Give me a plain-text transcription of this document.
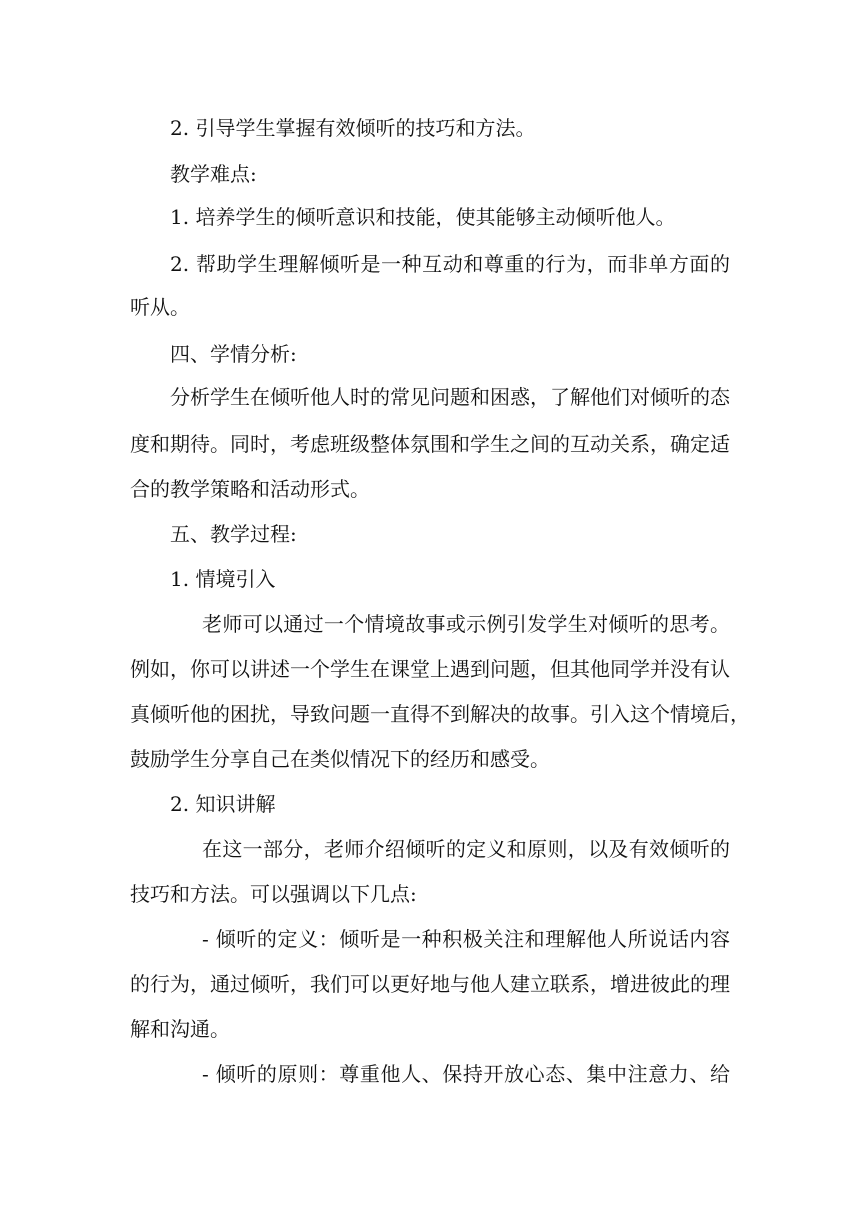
2. 引导学生掌握有效倾听的技巧和方法。
教学难点:
1. 培养学生的倾听意识和技能，使其能够主动倾听他人。
2. 帮助学生理解倾听是一种互动和尊重的行为，而非单方面的
听从。
四、学情分析:
分析学生在倾听他人时的常见问题和困惑，了解他们对倾听的态
度和期待。同时，考虑班级整体氛围和学生之间的互动关系，确定适
合的教学策略和活动形式。
五、教学过程:
1. 情境引入
老师可以通过一个情境故事或示例引发学生对倾听的思考。
例如，你可以讲述一个学生在课堂上遇到问题，但其他同学并没有认
真倾听他的困扰，导致问题一直得不到解决的故事。引入这个情境后，
鼓励学生分享自己在类似情况下的经历和感受。
2. 知识讲解
在这一部分，老师介绍倾听的定义和原则，以及有效倾听的
技巧和方法。可以强调以下几点:
- 倾听的定义：倾听是一种积极关注和理解他人所说话内容
的行为，通过倾听，我们可以更好地与他人建立联系，增进彼此的理
解和沟通。
- 倾听的原则：尊重他人、保持开放心态、集中注意力、给
